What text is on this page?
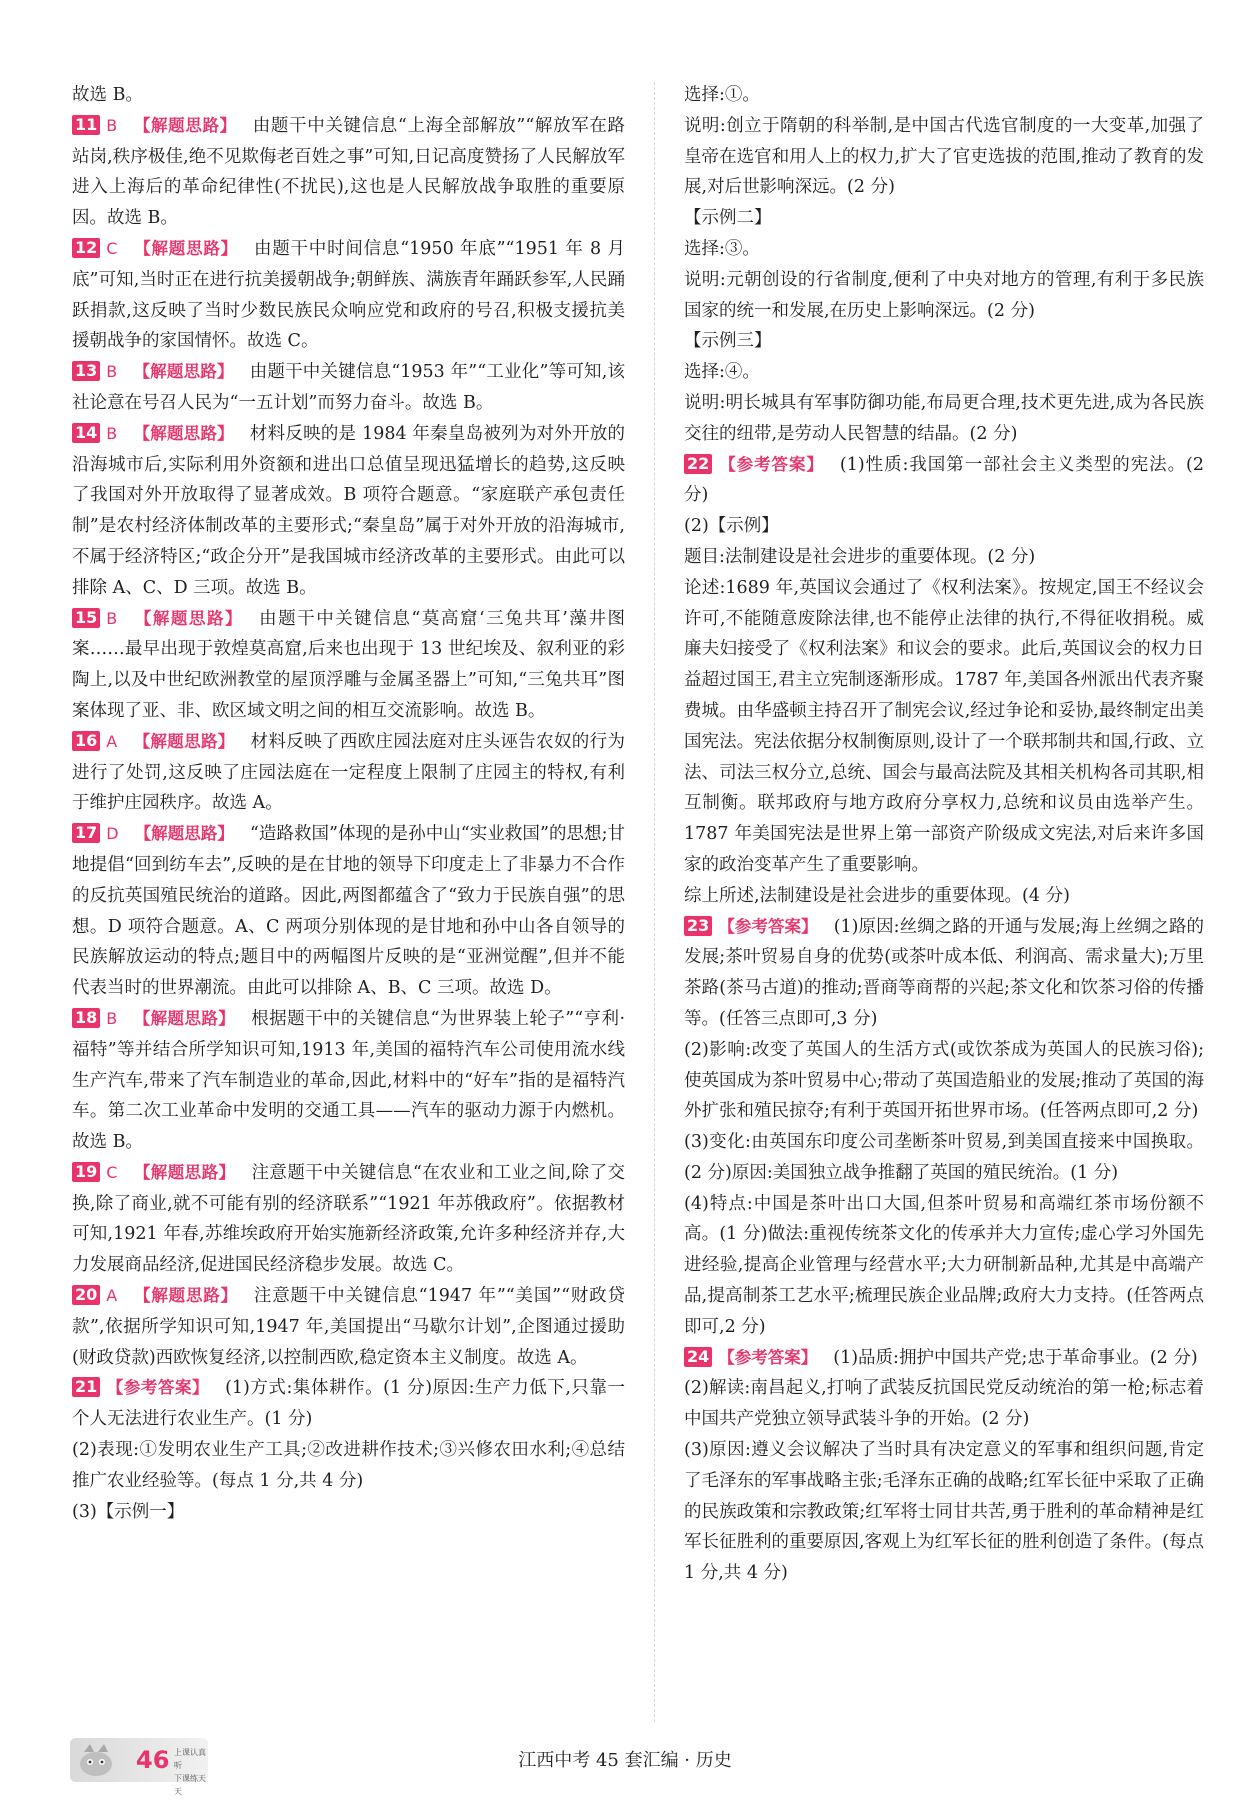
故选 B。

11 B 【解题思路】 由题干中关键信息“上海全部解放”“解放军在路站岗,秩序极佳,绝不见欺侮老百姓之事”可知,日记高度赞扬了人民解放军进入上海后的革命纪律性(不扰民),这也是人民解放战争取胜的重要原因。故选 B。

12 C 【解题思路】 由题干中时间信息“1950 年底”“1951 年 8 月底”可知,当时正在进行抗美援朝战争;朝鲜族、满族青年踊跃参军,人民踊跃捐款,这反映了当时少数民族民众响应党和政府的号召,积极支援抗美援朝战争的家国情怀。故选 C。

13 B 【解题思路】 由题干中关键信息“1953 年”“工业化”等可知,该社论意在号召人民为“一五计划”而努力奋斗。故选 B。

14 B 【解题思路】 材料反映的是 1984 年秦皇岛被列为对外开放的沿海城市后,实际利用外资额和进出口总值呈现迅猛增长的趋势,这反映了我国对外开放取得了显著成效。B 项符合题意。“家庭联产承包责任制”是农村经济体制改革的主要形式;“秦皇岛”属于对外开放的沿海城市,不属于经济特区;“政企分开”是我国城市经济改革的主要形式。由此可以排除 A、C、D 三项。故选 B。

15 B 【解题思路】 由题干中关键信息“莫高窟‘三兔共耳’藻井图案……最早出现于敦煌莫高窟,后来也出现于 13 世纪埃及、叙利亚的彩陶上,以及中世纪欧洲教堂的屋顶浮雕与金属圣器上”可知,“三兔共耳”图案体现了亚、非、欧区域文明之间的相互交流影响。故选 B。

16 A 【解题思路】 材料反映了西欧庄园法庭对庄头诬告农奴的行为进行了处罚,这反映了庄园法庭在一定程度上限制了庄园主的特权,有利于维护庄园秩序。故选 A。

17 D 【解题思路】 “造路救国”体现的是孙中山“实业救国”的思想;甘地提倡“回到纺车去”,反映的是在甘地的领导下印度走上了非暴力不合作的反抗英国殖民统治的道路。因此,两图都蕴含了“致力于民族自强”的思想。D 项符合题意。A、C 两项分别体现的是甘地和孙中山各自领导的民族解放运动的特点;题目中的两幅图片反映的是“亚洲觉醒”,但并不能代表当时的世界潮流。由此可以排除 A、B、C 三项。故选 D。

18 B 【解题思路】 根据题干中的关键信息“为世界装上轮子”“亨利·福特”等并结合所学知识可知,1913 年,美国的福特汽车公司使用流水线生产汽车,带来了汽车制造业的革命,因此,材料中的“好车”指的是福特汽车。第二次工业革命中发明的交通工具——汽车的驱动力源于内燃机。故选 B。

19 C 【解题思路】 注意题干中关键信息“在农业和工业之间,除了交换,除了商业,就不可能有别的经济联系”“1921 年苏俄政府”。依据教材可知,1921 年春,苏维埃政府开始实施新经济政策,允许多种经济并存,大力发展商品经济,促进国民经济稳步发展。故选 C。

20 A 【解题思路】 注意题干中关键信息“1947 年”“美国”“财政贷款”,依据所学知识可知,1947 年,美国提出“马歇尔计划”,企图通过援助(财政贷款)西欧恢复经济,以控制西欧,稳定资本主义制度。故选 A。

21 【参考答案】 (1)方式:集体耕作。(1 分)原因:生产力低下,只靠一个人无法进行农业生产。(1 分)

(2)表现:①发明农业生产工具;②改进耕作技术;③兴修农田水利;④总结推广农业经验等。(每点 1 分,共 4 分)

(3)【示例一】

选择:①。
说明:创立于隋朝的科举制,是中国古代选官制度的一大变革,加强了皇帝在选官和用人上的权力,扩大了官吏选拔的范围,推动了教育的发展,对后世影响深远。(2 分)
【示例二】
选择:③。
说明:元朝创设的行省制度,便利了中央对地方的管理,有利于多民族国家的统一和发展,在历史上影响深远。(2 分)
【示例三】
选择:④。
说明:明长城具有军事防御功能,布局更合理,技术更先进,成为各民族交往的纽带,是劳动人民智慧的结晶。(2 分)

22 【参考答案】 (1)性质:我国第一部社会主义类型的宪法。(2 分)

(2)【示例】
题目:法制建设是社会进步的重要体现。(2 分)
论述:1689 年,英国议会通过了《权利法案》。按规定,国王不经议会许可,不能随意废除法律,也不能停止法律的执行,不得征收捐税。威廉夫妇接受了《权利法案》和议会的要求。此后,英国议会的权力日益超过国王,君主立宪制逐渐形成。1787 年,美国各州派出代表齐聚费城。由华盛顿主持召开了制宪会议,经过争论和妥协,最终制定出美国宪法。宪法依据分权制衡原则,设计了一个联邦制共和国,行政、立法、司法三权分立,总统、国会与最高法院及其相关机构各司其职,相互制衡。联邦政府与地方政府分享权力,总统和议员由选举产生。1787 年美国宪法是世界上第一部资产阶级成文宪法,对后来许多国家的政治变革产生了重要影响。
综上所述,法制建设是社会进步的重要体现。(4 分)

23 【参考答案】 (1)原因:丝绸之路的开通与发展;海上丝绸之路的发展;茶叶贸易自身的优势(或茶叶成本低、利润高、需求量大);万里茶路(茶马古道)的推动;晋商等商帮的兴起;茶文化和饮茶习俗的传播等。(任答三点即可,3 分)

(2)影响:改变了英国人的生活方式(或饮茶成为英国人的民族习俗);使英国成为茶叶贸易中心;带动了英国造船业的发展;推动了英国的海外扩张和殖民掠夺;有利于英国开拓世界市场。(任答两点即可,2 分)
(3)变化:由英国东印度公司垄断茶叶贸易,到美国直接来中国换取。(2 分)原因:美国独立战争推翻了英国的殖民统治。(1 分)
(4)特点:中国是茶叶出口大国,但茶叶贸易和高端红茶市场份额不高。(1 分)做法:重视传统茶文化的传承并大力宣传;虚心学习外国先进经验,提高企业管理与经营水平;大力研制新品种,尤其是中高端产品,提高制茶工艺水平;梳理民族企业品牌;政府大力支持。(任答两点即可,2 分)

24 【参考答案】 (1)品质:拥护中国共产党;忠于革命事业。(2 分)

(2)解读:南昌起义,打响了武装反抗国民党反动统治的第一枪;标志着中国共产党独立领导武装斗争的开始。(2 分)
(3)原因:遵义会议解决了当时具有决定意义的军事和组织问题,肯定了毛泽东的军事战略主张;毛泽东正确的战略;红军长征中采取了正确的民族政策和宗教政策;红军将士同甘共苦,勇于胜利的革命精神是红军长征胜利的重要原因,客观上为红军长征的胜利创造了条件。(每点 1 分,共 4 分)
46 上课认真听
下课练天天
江西中考 45 套汇编 · 历史
